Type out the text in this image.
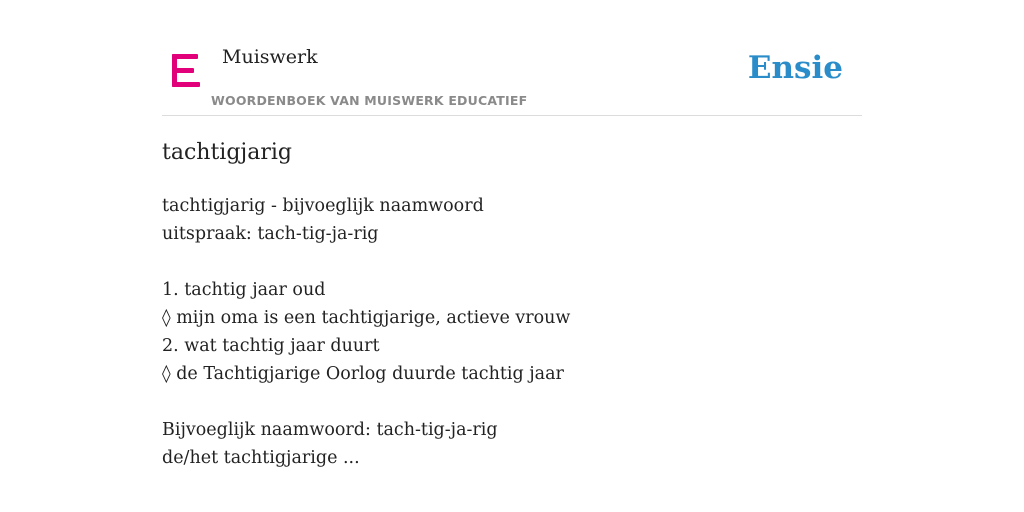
Muiswerk
WOORDENBOEK VAN MUISWERK EDUCATIEF
Ensie
tachtigjarig
tachtigjarig - bijvoeglijk naamwoord
uitspraak: tach-tig-ja-rig
1. tachtig jaar oud
◊ mijn oma is een tachtigjarige, actieve vrouw
2. wat tachtig jaar duurt
◊ de Tachtigjarige Oorlog duurde tachtig jaar
Bijvoeglijk naamwoord: tach-tig-ja-rig
de/het tachtigjarige ...
